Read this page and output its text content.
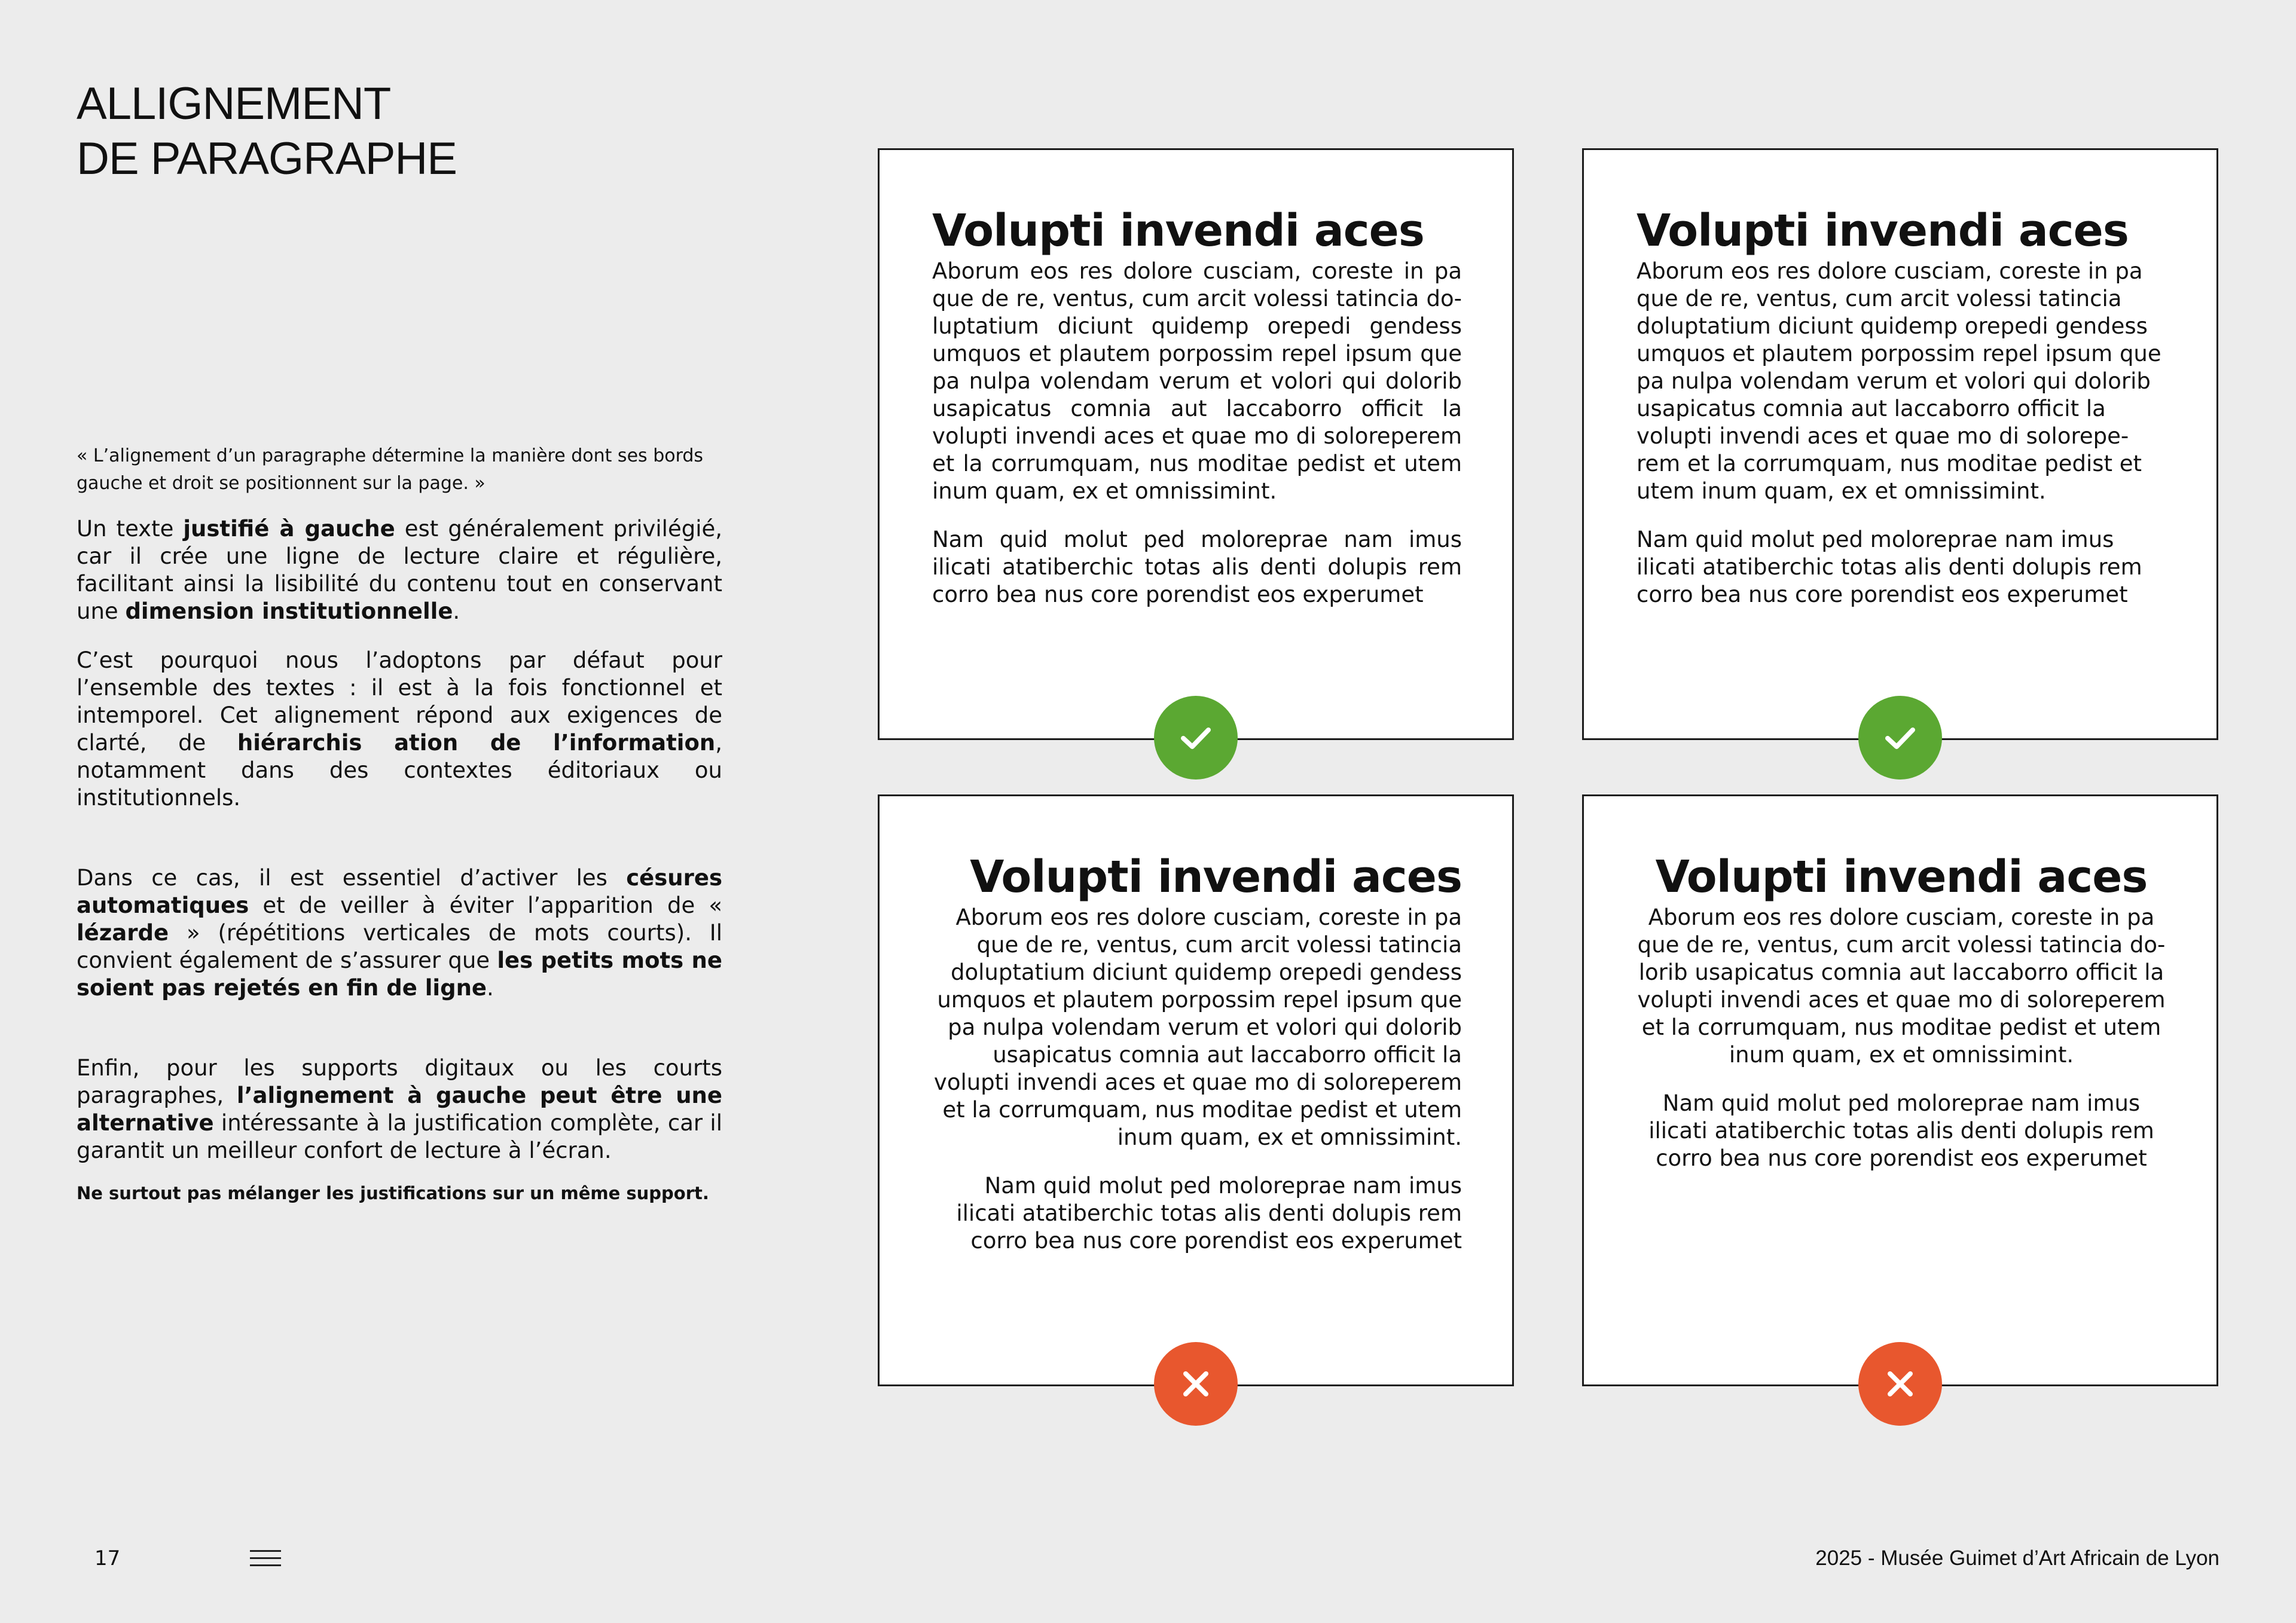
ALLIGNEMENT
DE PARAGRAPHE

« L’alignement d’un paragraphe détermine la manière dont ses bords gauche et droit se positionnent sur la page. »

Un texte justifié à gauche est généralement privilégié, car il crée une ligne de lecture claire et régulière, facilitant ainsi la lisibilité du contenu tout en conservant une dimension institutionnelle.

C’est pourquoi nous l’adoptons par défaut pour l’ensemble des textes : il est à la fois fonctionnel et intemporel. Cet alignement répond aux exigences de clarté, de hiérarchis ation de l’information, notamment dans des contextes éditoriaux ou institutionnels.

Dans ce cas, il est essentiel d’activer les césures automatiques et de veiller à éviter l’apparition de « lézarde » (répétitions verticales de mots courts). Il convient également de s’assurer que les petits mots ne soient pas rejetés en fin de ligne.

Enfin, pour les supports digitaux ou les courts paragraphes, l’alignement à gauche peut être une alternative intéressante à la justification complète, car il garantit un meilleur confort de lecture à l’écran.

Ne surtout pas mélanger les justifications sur un même support.

Volupti invendi aces

Aborum eos res dolore cusciam, coreste in pa que de re, ventus, cum arcit volessi tatincia doluptatium diciunt quidemp orepedi gendess umquos et plautem porpossim repel ipsum que pa nulpa volendam verum et volori qui dolorib usapicatus comnia aut laccaborro officit la volupti invendi aces et quae mo di soloreperem et la corrumquam, nus moditae pedist et utem inum quam, ex et omnissimint.

Nam quid molut ped moloreprae nam imus ilicati atatiberchic totas alis denti dolupis rem corro bea nus core porendist eos experumet

Volupti invendi aces

Aborum eos res dolore cusciam, coreste in pa que de re, ventus, cum arcit volessi tatincia doluptatium diciunt quidemp orepedi gendess umquos et plautem porpossim repel ipsum que pa nulpa volendam verum et volori qui dolorib usapicatus comnia aut laccaborro officit la volupti invendi aces et quae mo di soloreperem et la corrumquam, nus moditae pedist et utem inum quam, ex et omnissimint.

Nam quid molut ped moloreprae nam imus ilicati atatiberchic totas alis denti dolupis rem corro bea nus core porendist eos experumet

Volupti invendi aces

Aborum eos res dolore cusciam, coreste in pa que de re, ventus, cum arcit volessi tatincia doluptatium diciunt quidemp orepedi gendess umquos et plautem porpossim repel ipsum que pa nulpa volendam verum et volori qui dolorib usapicatus comnia aut laccaborro officit la volupti invendi aces et quae mo di soloreperem et la corrumquam, nus moditae pedist et utem inum quam, ex et omnissimint.

Nam quid molut ped moloreprae nam imus ilicati atatiberchic totas alis denti dolupis rem corro bea nus core porendist eos experumet

Volupti invendi aces

Aborum eos res dolore cusciam, coreste in pa que de re, ventus, cum arcit volessi tatincia dolorib usapicatus comnia aut laccaborro officit la volupti invendi aces et quae mo di soloreperem et la corrumquam, nus moditae pedist et utem inum quam, ex et omnissimint.

Nam quid molut ped moloreprae nam imus ilicati atatiberchic totas alis denti dolupis rem corro bea nus core porendist eos experumet

17	2025 - Musée Guimet d’Art Africain de Lyon
